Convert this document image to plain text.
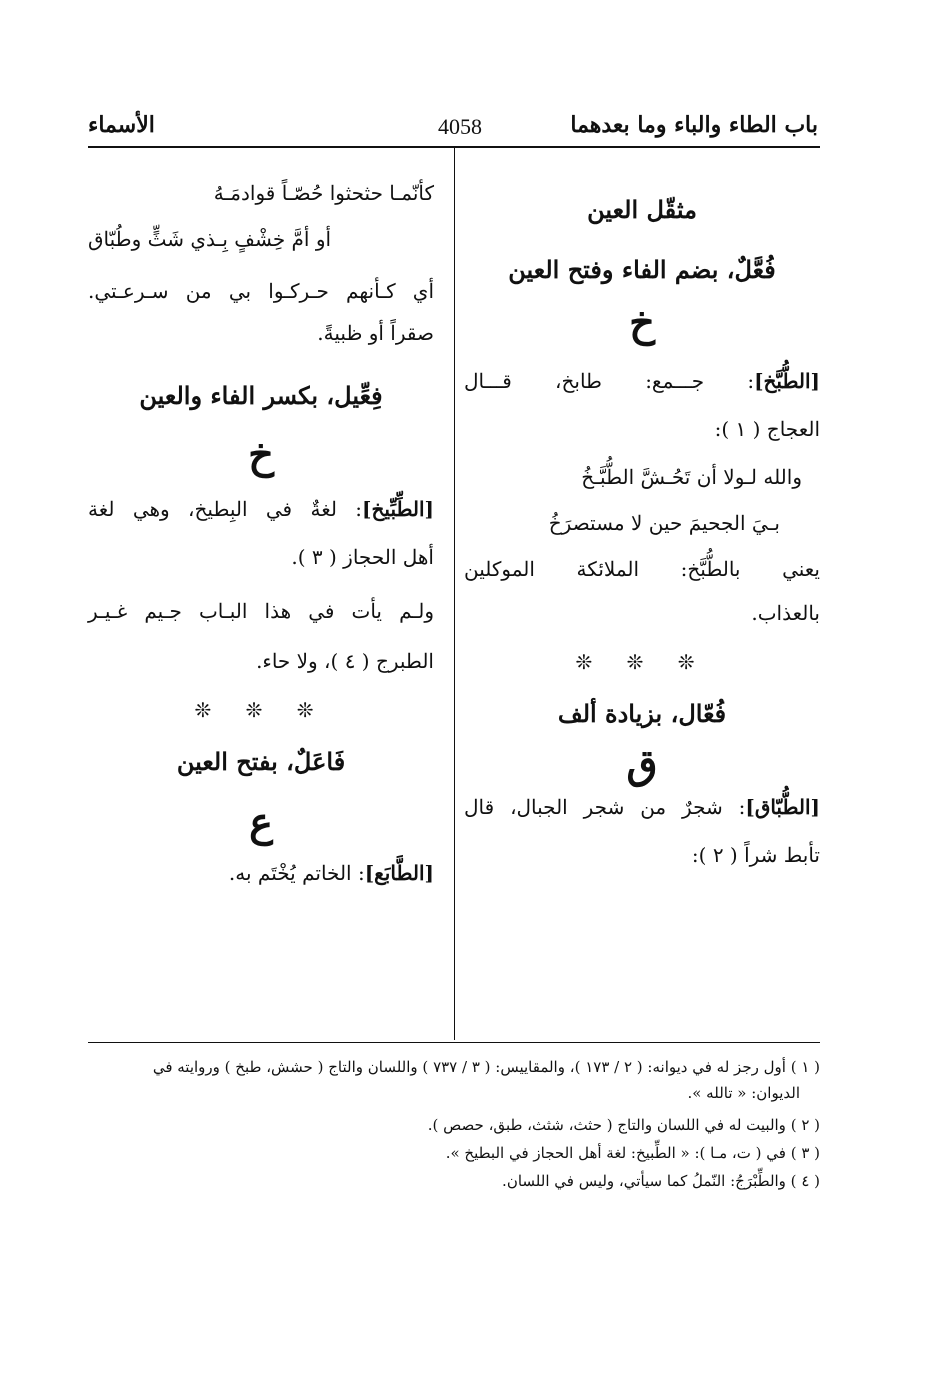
باب الطاء والباء وما بعدهما
4058
الأسماء
مثقّل العين
فُعَّلٌ، بضم الفاء وفتح العين
خ

[الطُّبَّخ]: جـــمع: طابخ، قـــال

العجاج ( ١ ):

والله لـولا أن تَحُـشَّ الطُّبَّـخُ
بـيَ الجحيمَ حين لا مستصرَخُ

يعني بالطُّبَّخ: الملائكة الموكلين

بالعذاب.

❊ ❊ ❊
فُعّال، بزيادة ألف
ق

[الطُّبّاق]: شجرٌ من شجر الجبال، قال

تأبط شراً ( ٢ ):

كأنّمـا حثحثوا حُصّـاً قوادمَـهُ
أو أمَّ خِشْفٍ بِـذي شَثٍّ وطُبّاق

أي كـأنهم حـركـوا بي من سـرعـتي.

صقراً أو ظبيةً.

فِعِّيل، بكسر الفاء والعين
خ

[الطِّبِّيخ]: لغةٌ في البِطيخ، وهي لغة

أهل الحجاز ( ٣ ).

ولـم يأت في هذا البـاب جـيم غـيـر

الطبرج ( ٤ )، ولا حاء.

❊ ❊ ❊
فَاعَلٌ، بفتح العين
ع

[الطَّابَع]: الخاتم يُخْتَم به.

( ١ ) أول رجز له في ديوانه: ( ٢ / ١٧٣ )، والمقاييس: ( ٣ / ٧٣٧ ) واللسان والتاج ( حشش، طبخ ) وروايته في

الديوان: « تالله ».

( ٢ ) والبيت له في اللسان والتاج ( حثث، شثث، طبق، حصص ).

( ٣ ) في ( ت، مـا ): « الطِّبيخ: لغة أهل الحجاز في البطيخ ».

( ٤ ) والطِّبْرَجُ: النّملُ كما سيأتي، وليس في اللسان.
